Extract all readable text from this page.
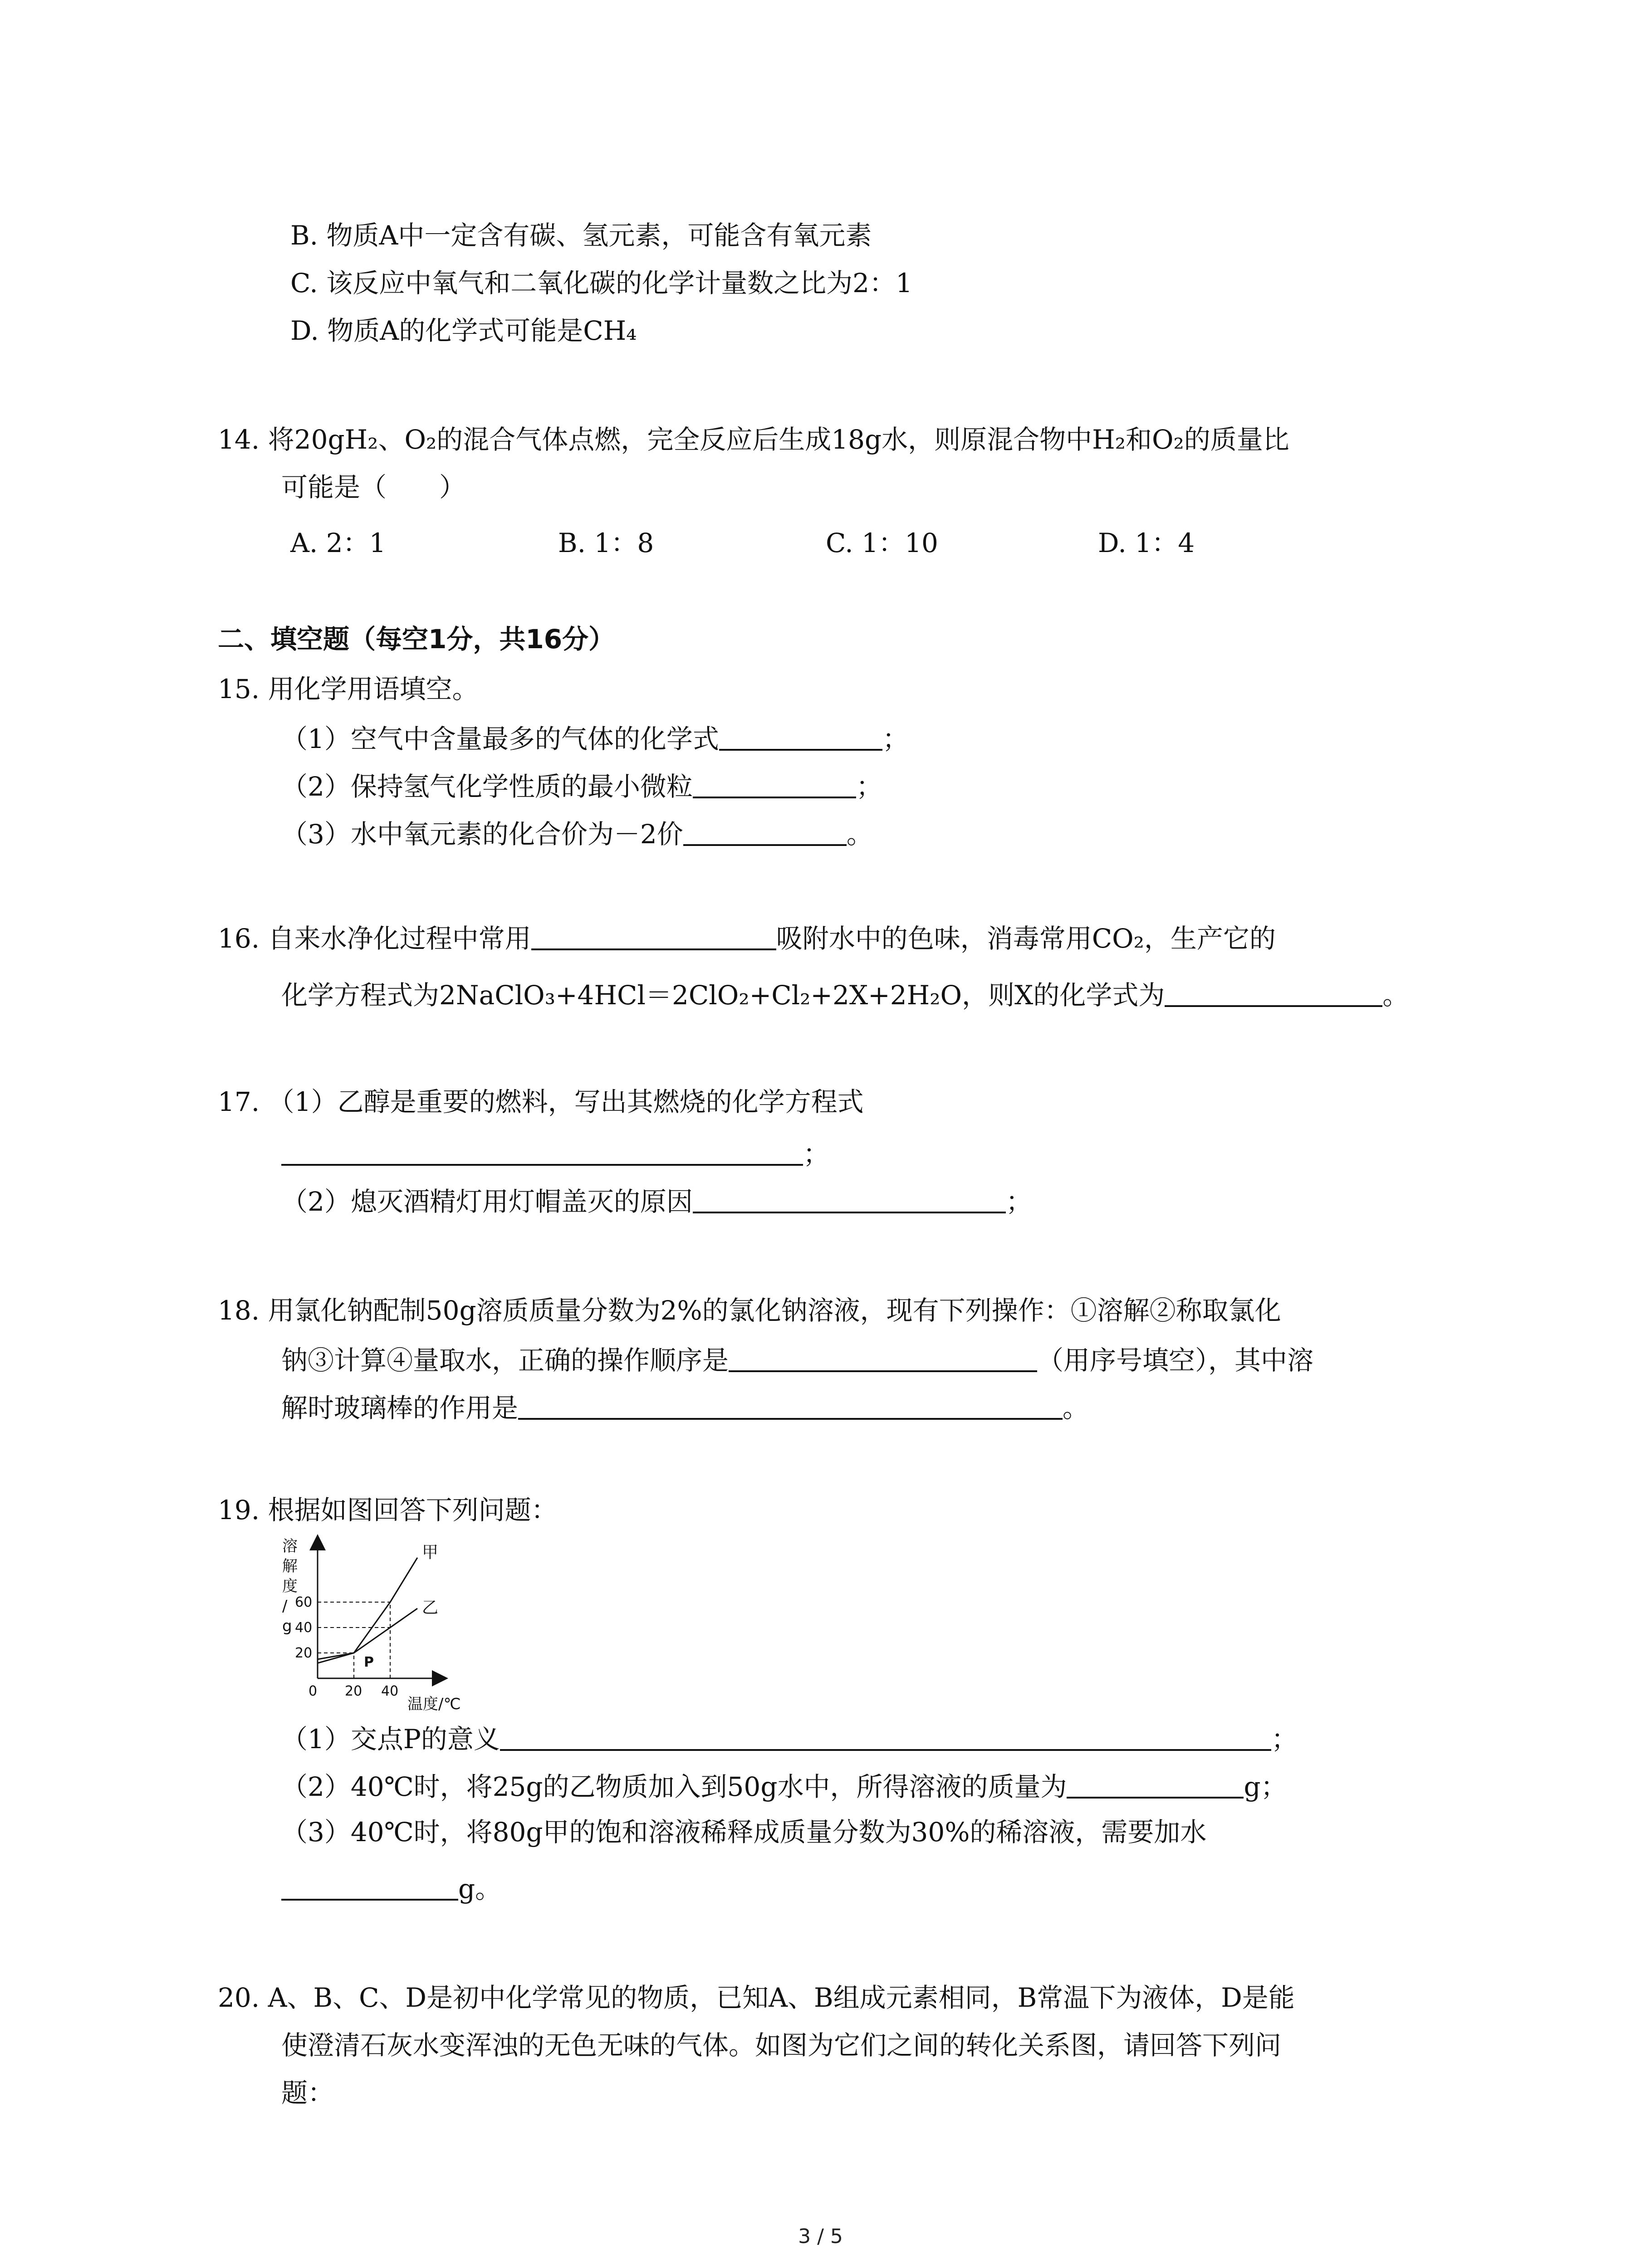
B. 物质A中一定含有碳、氢元素，可能含有氧元素
C. 该反应中氧气和二氧化碳的化学计量数之比为2：1
D. 物质A的化学式可能是CH₄
14. 将20gH₂、O₂的混合气体点燃，完全反应后生成18g水，则原混合物中H₂和O₂的质量比
可能是（　　）
A. 2：1	B. 1：8	C. 1：10	D. 1：4
二、填空题（每空1分，共16分）
15. 用化学用语填空。
（1）空气中含量最多的气体的化学式	；
（2）保持氢气化学性质的最小微粒	；
（3）水中氧元素的化合价为－2价	。
16. 自来水净化过程中常用	吸附水中的色味，消毒常用CO₂，生产它的
化学方程式为2NaClO₃+4HCl＝2ClO₂+Cl₂+2X+2H₂O，则X的化学式为	。
17. （1）乙醇是重要的燃料，写出其燃烧的化学方程式
；
（2）熄灭酒精灯用灯帽盖灭的原因	；
18. 用氯化钠配制50g溶质质量分数为2%的氯化钠溶液，现有下列操作：①溶解②称取氯化
钠③计算④量取水，正确的操作顺序是	（用序号填空），其中溶
解时玻璃棒的作用是	。
19. 根据如图回答下列问题：
溶解度/ g
甲
乙
0 20 40
20
40
60
温度/℃
P
（1）交点P的意义	；
（2）40℃时，将25g的乙物质加入到50g水中，所得溶液的质量为	g；
（3）40℃时，将80g甲的饱和溶液稀释成质量分数为30%的稀溶液，需要加水
g。
20. A、B、C、D是初中化学常见的物质，已知A、B组成元素相同，B常温下为液体，D是能
使澄清石灰水变浑浊的无色无味的气体。如图为它们之间的转化关系图，请回答下列问
题：
3 / 5
